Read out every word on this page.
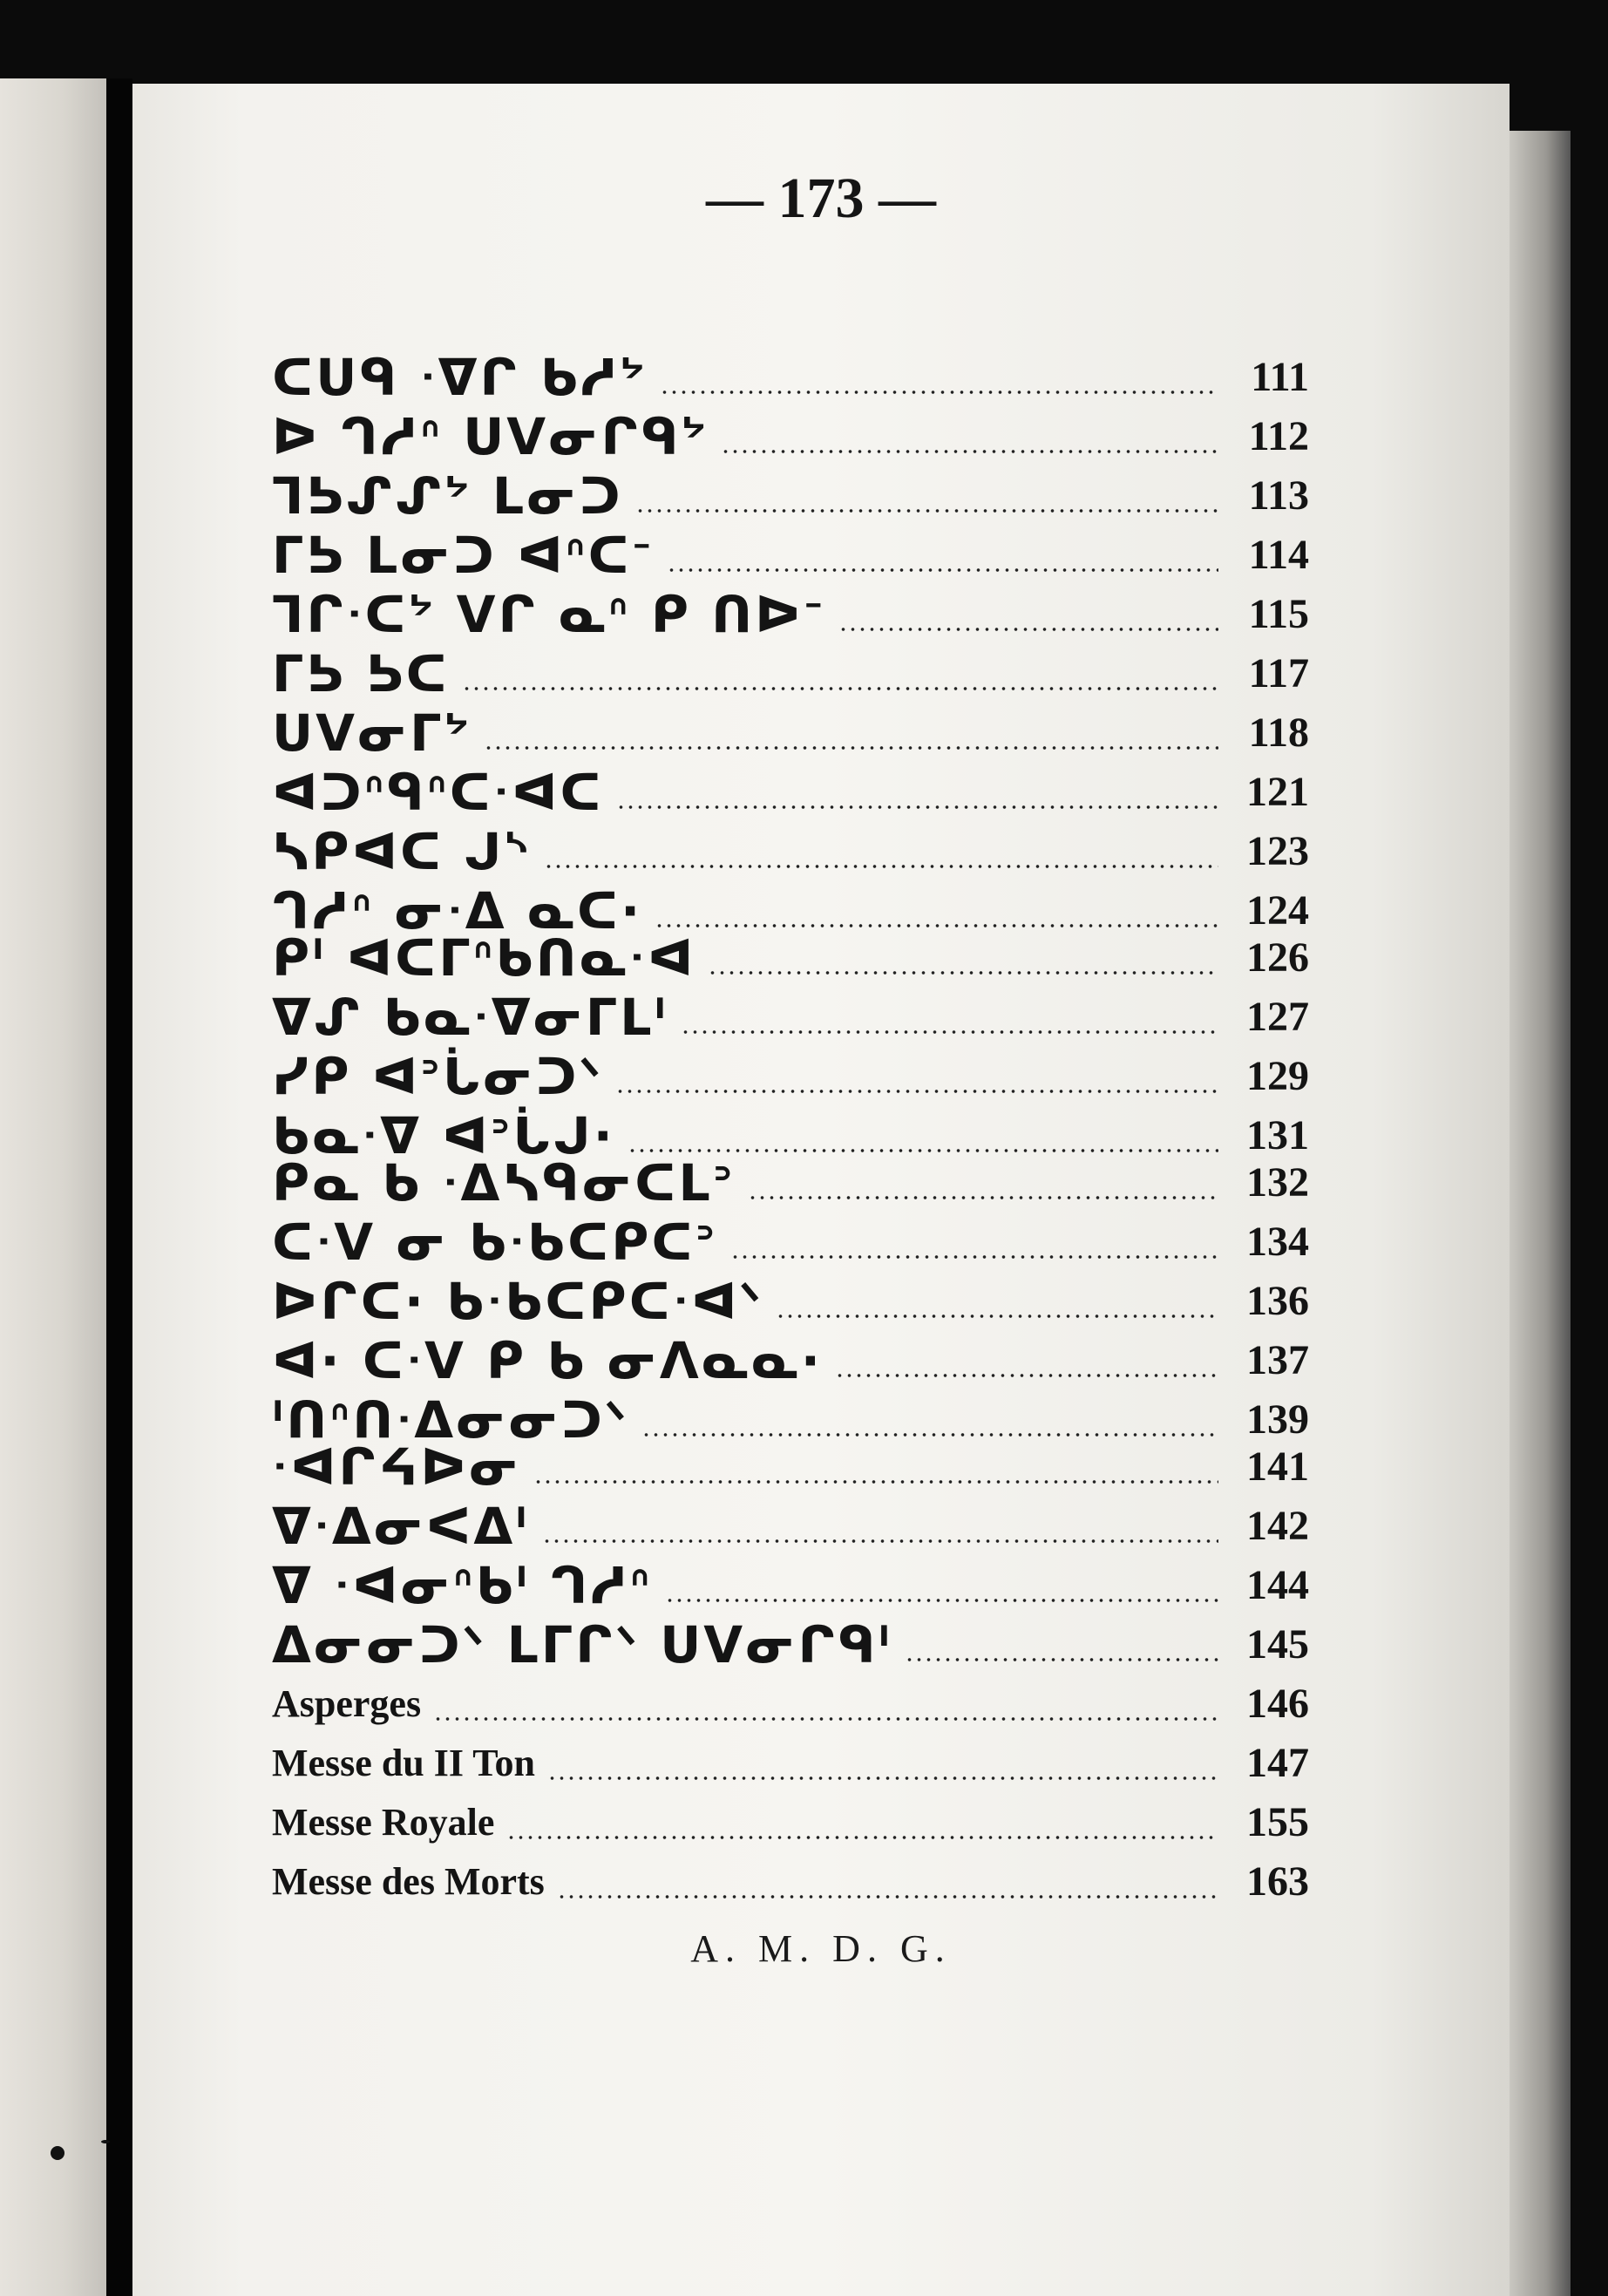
— 173 —
ᑕᑌᑫ ᐧᐁᒋ ᑲᓱᔾ	111
ᐅ ᒉᓱᐢ ᑌᐯᓂᒋᑫᔾ	112
ᒣᕊᔑᔑᔾ ᒪᓂᑐ	113
ᒥᕊ ᒪᓂᑐ ᐊᐢᑕᐨ	114
ᒣᒋᐧᑕᔾ ᐯᒋ ᓇᐢ ᑭ ᑎᐅᐨ	115
ᒥᕊ ᕊᑕ	117
ᑌᐯᓂᒥᔾ	118
ᐊᑐᐢᑫᐢᑕᐧᐊᑕ	121
ᓴᑭᐊᑕ ᒍᔅ	123
ᒉᓱᐢ ᓂᐧᐃ ᓇᑕ·	124
ᑭᑊ ᐊᑕᒥᐢᑲᑎᓇᐧᐊ	126
ᐁᔑ ᑲᓇᐧᐁᓂᒥᒪᑊ	127
ᓯᑭ ᐊᐣᒑᓂᑐᐠ	129
ᑲᓇᐧᐁ ᐊᐣᒑᒍ·	131
ᑭᓇ ᑲ ᐧᐃᓴᑫᓂᑕᒪᐣ	132
ᑕᐧᐯ ᓂ ᑲᐧᑲᑕᑭᑕᐣ	134
ᐅᒋᑕ· ᑲᐧᑲᑕᑭᑕᐧᐊᐠ	136
ᐊ· ᑕᐧᐯ ᑭ ᑲ ᓂᐱᓇᓇ·	137
ᑊᑎᐢᑎᐧᐃᓂᓂᑐᐠ	139
ᐧᐊᒋᔦᐅᓂ	141
ᐁᐧᐃᓂᐸᐃᑊ	142
ᐁ ᐧᐊᓂᐢᑲᑊ ᒉᓱᐢ	144
ᐃᓂᓂᑐᐠ ᒪᒥᒋᐠ ᑌᐯᓂᒋᑫᑊ	145
Asperges	146
Messe du II Ton	147
Messe Royale	155
Messe des Morts	163
A. M. D. G.
